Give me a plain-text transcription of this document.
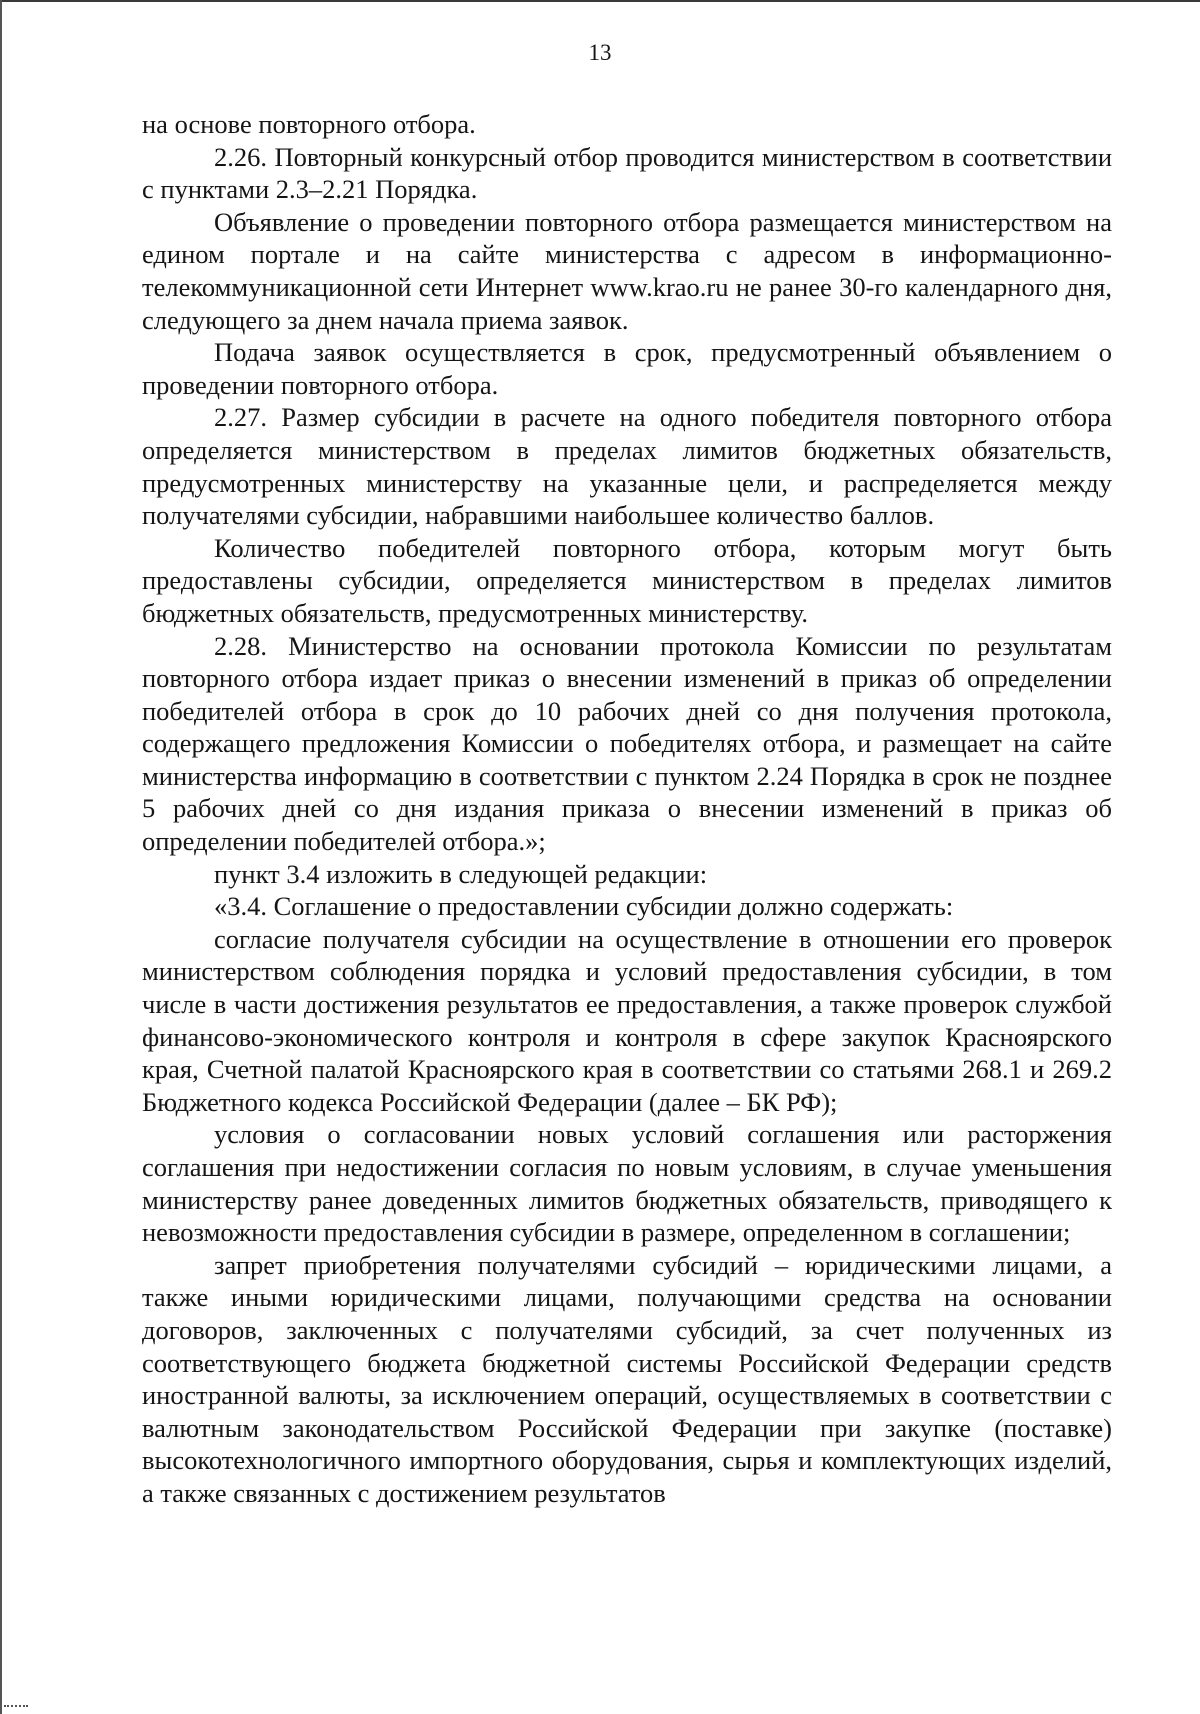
13

на основе повторного отбора.

2.26. Повторный конкурсный отбор проводится министерством в соответствии с пунктами 2.3–2.21 Порядка.

Объявление о проведении повторного отбора размещается министерством на едином портале и на сайте министерства с адресом в информационно-телекоммуникационной сети Интернет www.krao.ru не ранее 30-го календарного дня, следующего за днем начала приема заявок.

Подача заявок осуществляется в срок, предусмотренный объявлением о проведении повторного отбора.

2.27. Размер субсидии в расчете на одного победителя повторного отбора определяется министерством в пределах лимитов бюджетных обязательств, предусмотренных министерству на указанные цели, и распределяется между получателями субсидии, набравшими наибольшее количество баллов.

Количество победителей повторного отбора, которым могут быть предоставлены субсидии, определяется министерством в пределах лимитов бюджетных обязательств, предусмотренных министерству.

2.28. Министерство на основании протокола Комиссии по результатам повторного отбора издает приказ о внесении изменений в приказ об определении победителей отбора в срок до 10 рабочих дней со дня получения протокола, содержащего предложения Комиссии о победителях отбора, и размещает на сайте министерства информацию в соответствии с пунктом 2.24 Порядка в срок не позднее 5 рабочих дней со дня издания приказа о внесении изменений в приказ об определении победителей отбора.»;

пункт 3.4 изложить в следующей редакции:

«3.4. Соглашение о предоставлении субсидии должно содержать:

согласие получателя субсидии на осуществление в отношении его проверок министерством соблюдения порядка и условий предоставления субсидии, в том числе в части достижения результатов ее предоставления, а также проверок службой финансово-экономического контроля и контроля в сфере закупок Красноярского края, Счетной палатой Красноярского края в соответствии со статьями 268.1 и 269.2 Бюджетного кодекса Российской Федерации (далее – БК РФ);

условия о согласовании новых условий соглашения или расторжения соглашения при недостижении согласия по новым условиям, в случае уменьшения министерству ранее доведенных лимитов бюджетных обязательств, приводящего к невозможности предоставления субсидии в размере, определенном в соглашении;

запрет приобретения получателями субсидий – юридическими лицами, а также иными юридическими лицами, получающими средства на основании договоров, заключенных с получателями субсидий, за счет полученных из соответствующего бюджета бюджетной системы Российской Федерации средств иностранной валюты, за исключением операций, осуществляемых в соответствии с валютным законодательством Российской Федерации при закупке (поставке) высокотехнологичного импортного оборудования, сырья и комплектующих изделий, а также связанных с достижением результатов
